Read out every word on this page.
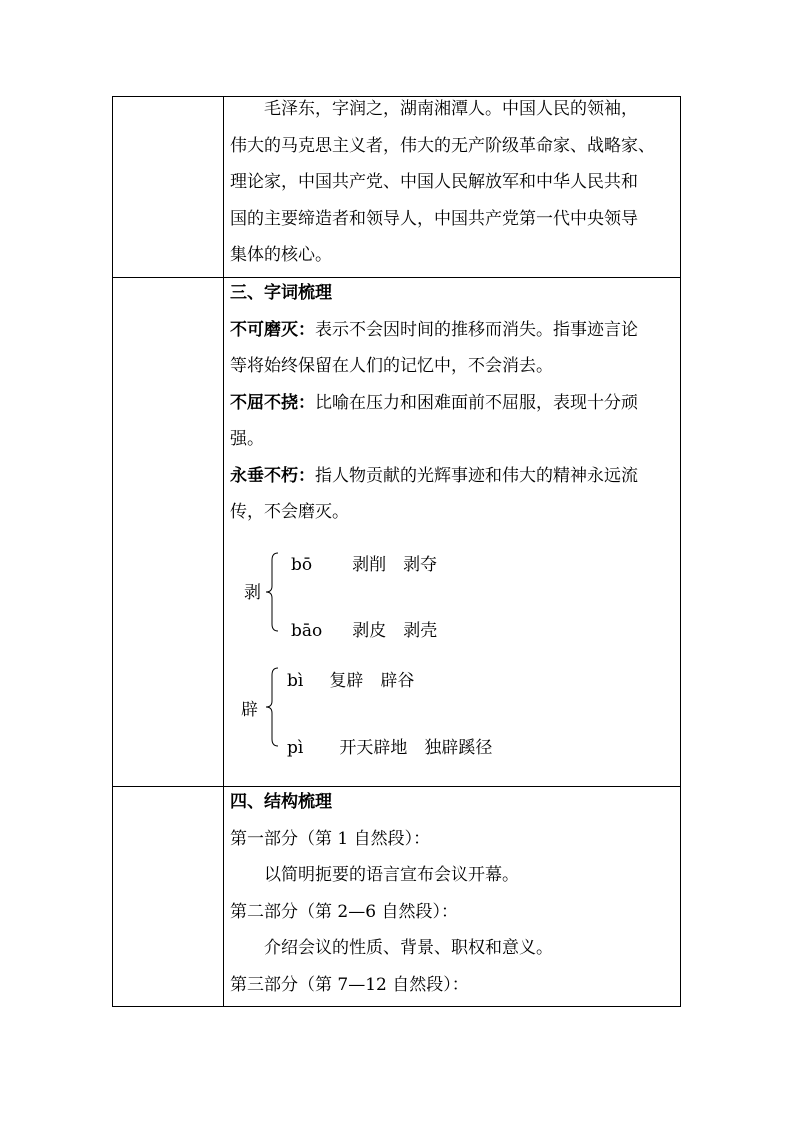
毛泽东，字润之，湖南湘潭人。中国人民的领袖，

伟大的马克思主义者，伟大的无产阶级革命家、战略家、

理论家，中国共产党、中国人民解放军和中华人民共和

国的主要缔造者和领导人，中国共产党第一代中央领导

集体的核心。

三、字词梳理

不可磨灭：表示不会因时间的推移而消失。指事迹言论

等将始终保留在人们的记忆中，不会消去。

不屈不挠：比喻在压力和困难面前不屈服，表现十分顽

强。

永垂不朽：指人物贡献的光辉事迹和伟大的精神永远流

传，不会磨灭。

剥
bō 剥削　剥夺
bāo 剥皮　剥壳
辟
bì 复辟　辟谷
pì 开天辟地　独辟蹊径

四、结构梳理

第一部分（第 1 自然段）：

以简明扼要的语言宣布会议开幕。

第二部分（第 2—6 自然段）：

介绍会议的性质、背景、职权和意义。

第三部分（第 7—12 自然段）：
